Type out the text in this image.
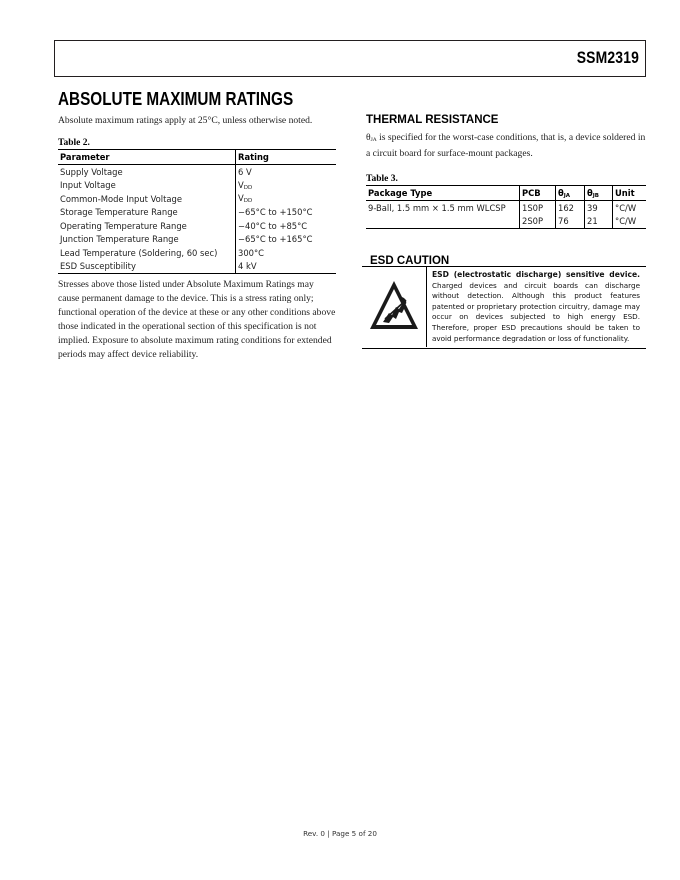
SSM2319
ABSOLUTE MAXIMUM RATINGS
Absolute maximum ratings apply at 25°C, unless otherwise noted.
Table 2.
Parameter	Rating
Supply Voltage	6 V
Input Voltage	$V_{DD}$
Common-Mode Input Voltage	$V_{DD}$
Storage Temperature Range	−65°C to +150°C
Operating Temperature Range	−40°C to +85°C
Junction Temperature Range	−65°C to +165°C
Lead Temperature (Soldering, 60 sec)	300°C
ESD Susceptibility	4 kV
Stresses above those listed under Absolute Maximum Ratings may cause permanent damage to the device. This is a stress rating only; functional operation of the device at these or any other conditions above those indicated in the operational section of this specification is not implied. Exposure to absolute maximum rating conditions for extended periods may affect device reliability.
THERMAL RESISTANCE
$\theta_{JA}$ is specified for the worst-case conditions, that is, a device soldered in a circuit board for surface-mount packages.
Table 3.
Package Type	PCB	$\theta_{JA}$	$\theta_{JB}$	Unit
9-Ball, 1.5 mm × 1.5 mm WLCSP	1S0P	162	39	°C/W
	2S0P	76	21	°C/W
ESD CAUTION
ESD (electrostatic discharge) sensitive device. Charged devices and circuit boards can discharge without detection. Although this product features patented or proprietary protection circuitry, damage may occur on devices subjected to high energy ESD. Therefore, proper ESD precautions should be taken to avoid performance degradation or loss of functionality.
Rev. 0 | Page 5 of 20
